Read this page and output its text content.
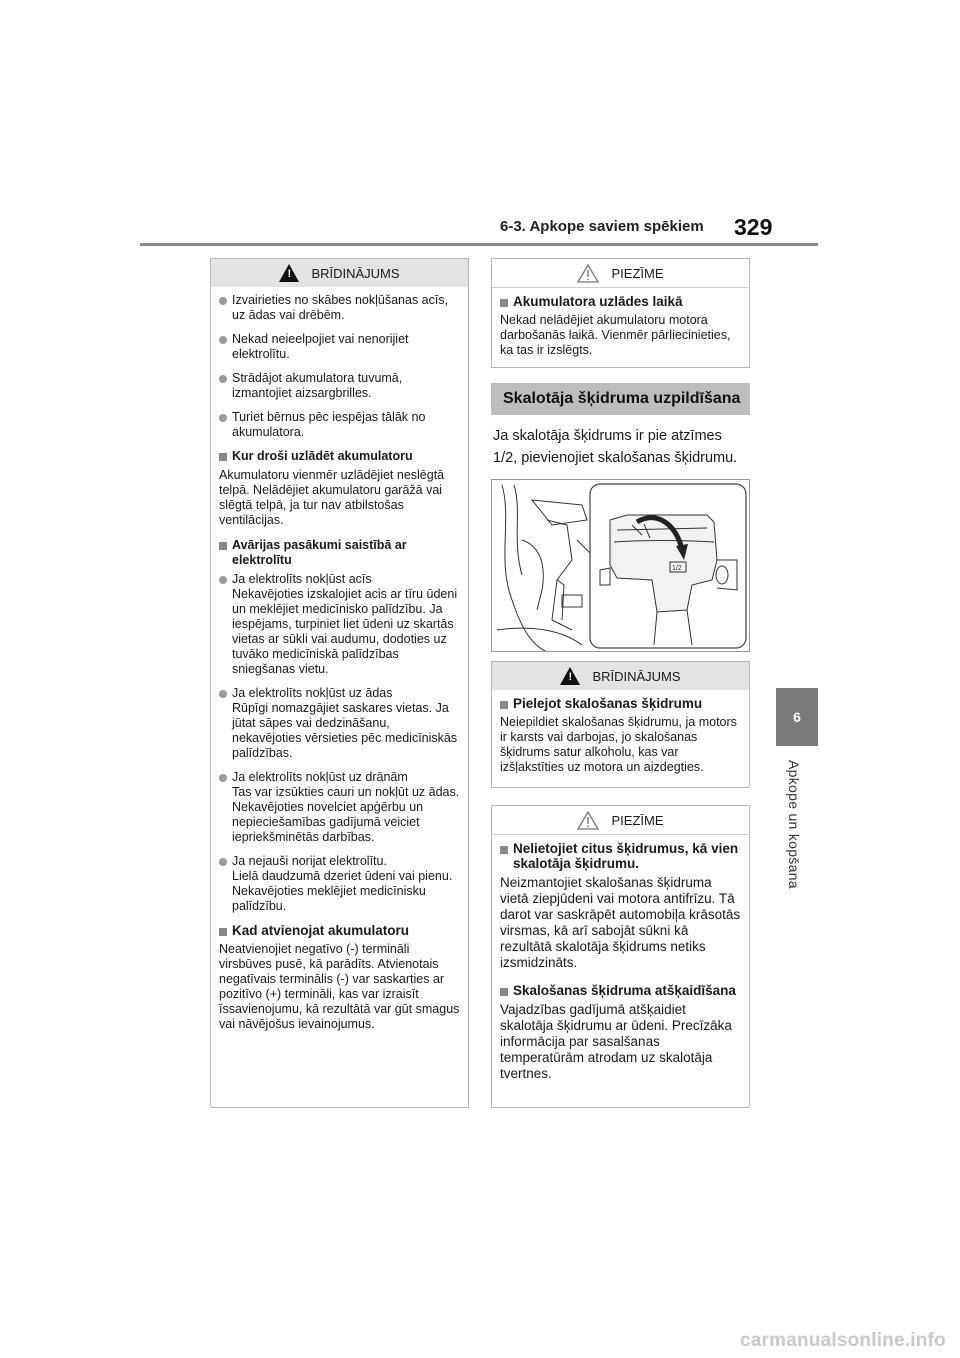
6-3. Apkope saviem spēkiem 329
6
Apkope un kopšana
!
BRĪDINĀJUMS
Izvairieties no skābes nokļūšanas acīs, uz ādas vai drēbēm.
Nekad neieelpojiet vai nenorijiet elektrolītu.
Strādājot akumulatora tuvumā, izmantojiet aizsargbrilles.
Turiet bērnus pēc iespējas tālāk no akumulatora.
Kur droši uzlādēt akumulatoru

Akumulatoru vienmēr uzlādējiet neslēgtā telpā. Nelādējiet akumulatoru garāžā vai slēgtā telpā, ja tur nav atbilstošas ventilācijas.

Avārijas pasākumi saistībā ar elektrolītu
Ja elektrolīts nokļūst acīs
Nekavējoties izskalojiet acis ar tīru ūdeni un meklējiet medicīnisko palīdzību. Ja iespējams, turpiniet liet ūdeni uz skartās vietas ar sūkli vai audumu, dodoties uz tuvāko medicīniskā palīdzības sniegšanas vietu.
Ja elektrolīts nokļūst uz ādas
Rūpīgi nomazgājiet saskares vietas. Ja jūtat sāpes vai dedzināšanu, nekavējoties vērsieties pēc medicīniskās palīdzības.
Ja elektrolīts nokļūst uz drānām
Tas var izsūkties cauri un nokļūt uz ādas. Nekavējoties novelciet apģērbu un nepieciešamības gadījumā veiciet iepriekšminētās darbības.
Ja nejauši norijat elektrolītu.
Lielā daudzumā dzeriet ūdeni vai pienu. Nekavējoties meklējiet medicīnisku palīdzību.
Kad atvienojat akumulatoru

Neatvienojiet negatīvo (-) termināli virsbūves pusē, kā parādīts. Atvienotais negatīvais terminālis (-) var saskarties ar pozitīvo (+) termināli, kas var izraisīt īssavienojumu, kā rezultātā var gūt smagus vai nāvējošus ievainojumus.

PIEZĪME
Akumulatora uzlādes laikā

Nekad nelādējiet akumulatoru motora darbošanās laikā. Vienmēr pārliecinieties, ka tas ir izslēgts.

Skalotāja šķidruma uzpildīšana
Ja skalotāja šķidrums ir pie atzīmes
1/2, pievienojiet skalošanas šķidrumu.
1/2
!
BRĪDINĀJUMS
Pielejot skalošanas šķidrumu

Neiepildiet skalošanas šķidrumu, ja motors ir karsts vai darbojas, jo skalošanas šķidrums satur alkoholu, kas var izšļakstīties uz motora un aizdegties.

PIEZĪME
Nelietojiet citus šķidrumus, kā vien skalotāja šķidrumu.

Neizmantojiet skalošanas šķidruma vietā ziepjūdeni vai motora antifrīzu. Tā darot var saskrāpēt automobiļa krāsotās virsmas, kā arī sabojāt sūkni kā rezultātā skalotāja šķidrums netiks izsmidzināts.

Skalošanas šķidruma atšķaidīšana

Vajadzības gadījumā atšķaidiet skalotāja šķidrumu ar ūdeni. Precīzāka informācija par sasalšanas temperatūrām atrodam uz skalotāja tvertnes.

carmanualsonline.info
